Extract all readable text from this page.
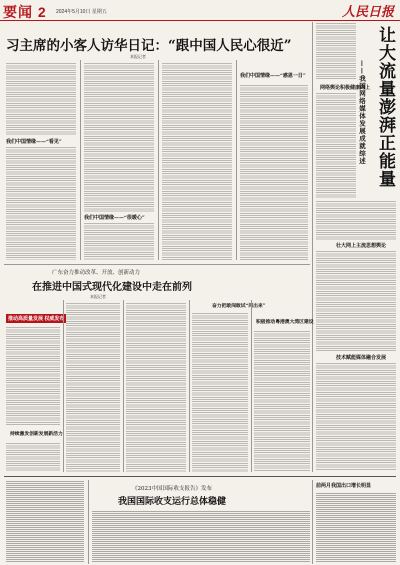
要闻 2 2024年5月10日 星期五	人民日报
习主席的小客人访华日记：“跟中国人民心很近”
本报记者
我们中国情缘——“看见”
我们中国情缘——“很暖心”
我们中国情缘——“感恩一日”	让大流量澎湃正能量
——我国网络媒体发展成就综述
网络舆论积极健康向上
壮大网上主流思想舆论
技术赋能媒体融合发展
广东奋力推动改革、开放、创新动力
在推进中国式现代化建设中走在前列
本报记者
推动高质量发展 权威发布
持续激发创新发展新活力
奋力把敢闯敢试“闯出来”
积极推动粤港澳大湾区建设
《2023中国国际收支报告》发布
我国国际收支运行总体稳健
前两月我国出口增长明显
